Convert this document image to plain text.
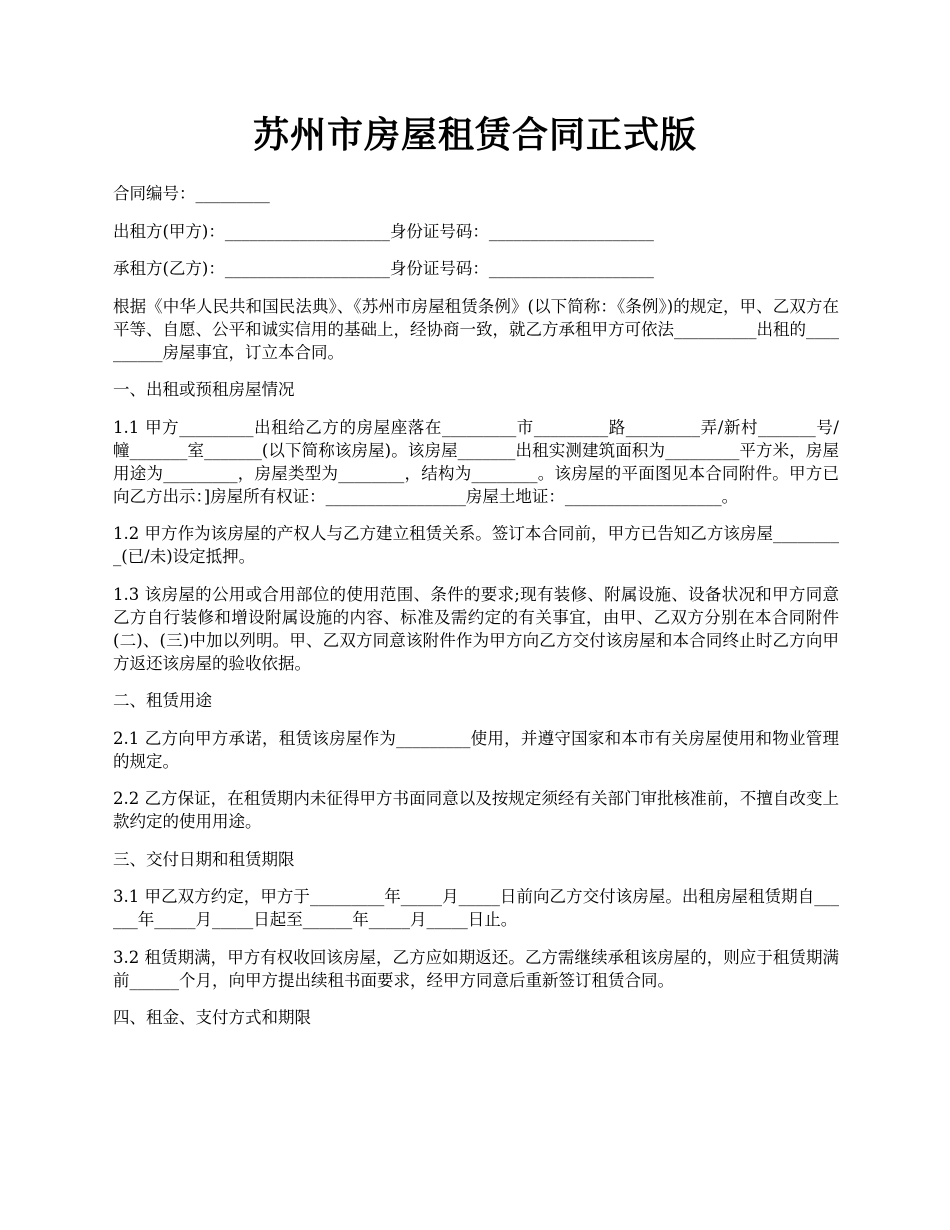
苏州市房屋租赁合同正式版

合同编号：_________

出租方(甲方)：____________________身份证号码：____________________

承租方(乙方)：____________________身份证号码：____________________

根据《中华人民共和国民法典》、《苏州市房屋租赁条例》(以下简称：《条例》)的规定，甲、乙双方在平等、自愿、公平和诚实信用的基础上，经协商一致，就乙方承租甲方可依法__________出租的__________房屋事宜，订立本合同。

一、出租或预租房屋情况

1.1 甲方_________出租给乙方的房屋座落在_________市_________路_________弄/新村_______号/幢_______室_______(以下简称该房屋)。该房屋_______出租实测建筑面积为_________平方米，房屋用途为_________，房屋类型为________，结构为________。该房屋的平面图见本合同附件。甲方已向乙方出示：]房屋所有权证：_________________房屋土地证：___________________。

1.2 甲方作为该房屋的产权人与乙方建立租赁关系。签订本合同前，甲方已告知乙方该房屋_________(已/未)设定抵押。

1.3 该房屋的公用或合用部位的使用范围、条件的要求;现有装修、附属设施、设备状况和甲方同意乙方自行装修和增设附属设施的内容、标准及需约定的有关事宜，由甲、乙双方分别在本合同附件(二)、(三)中加以列明。甲、乙双方同意该附件作为甲方向乙方交付该房屋和本合同终止时乙方向甲方返还该房屋的验收依据。

二、租赁用途

2.1 乙方向甲方承诺，租赁该房屋作为_________使用，并遵守国家和本市有关房屋使用和物业管理的规定。

2.2 乙方保证，在租赁期内未征得甲方书面同意以及按规定须经有关部门审批核准前，不擅自改变上款约定的使用用途。

三、交付日期和租赁期限

3.1 甲乙双方约定，甲方于_________年_____月_____日前向乙方交付该房屋。出租房屋租赁期自______年_____月_____日起至______年_____月_____日止。

3.2 租赁期满，甲方有权收回该房屋，乙方应如期返还。乙方需继续承租该房屋的，则应于租赁期满前______个月，向甲方提出续租书面要求，经甲方同意后重新签订租赁合同。

四、租金、支付方式和期限
